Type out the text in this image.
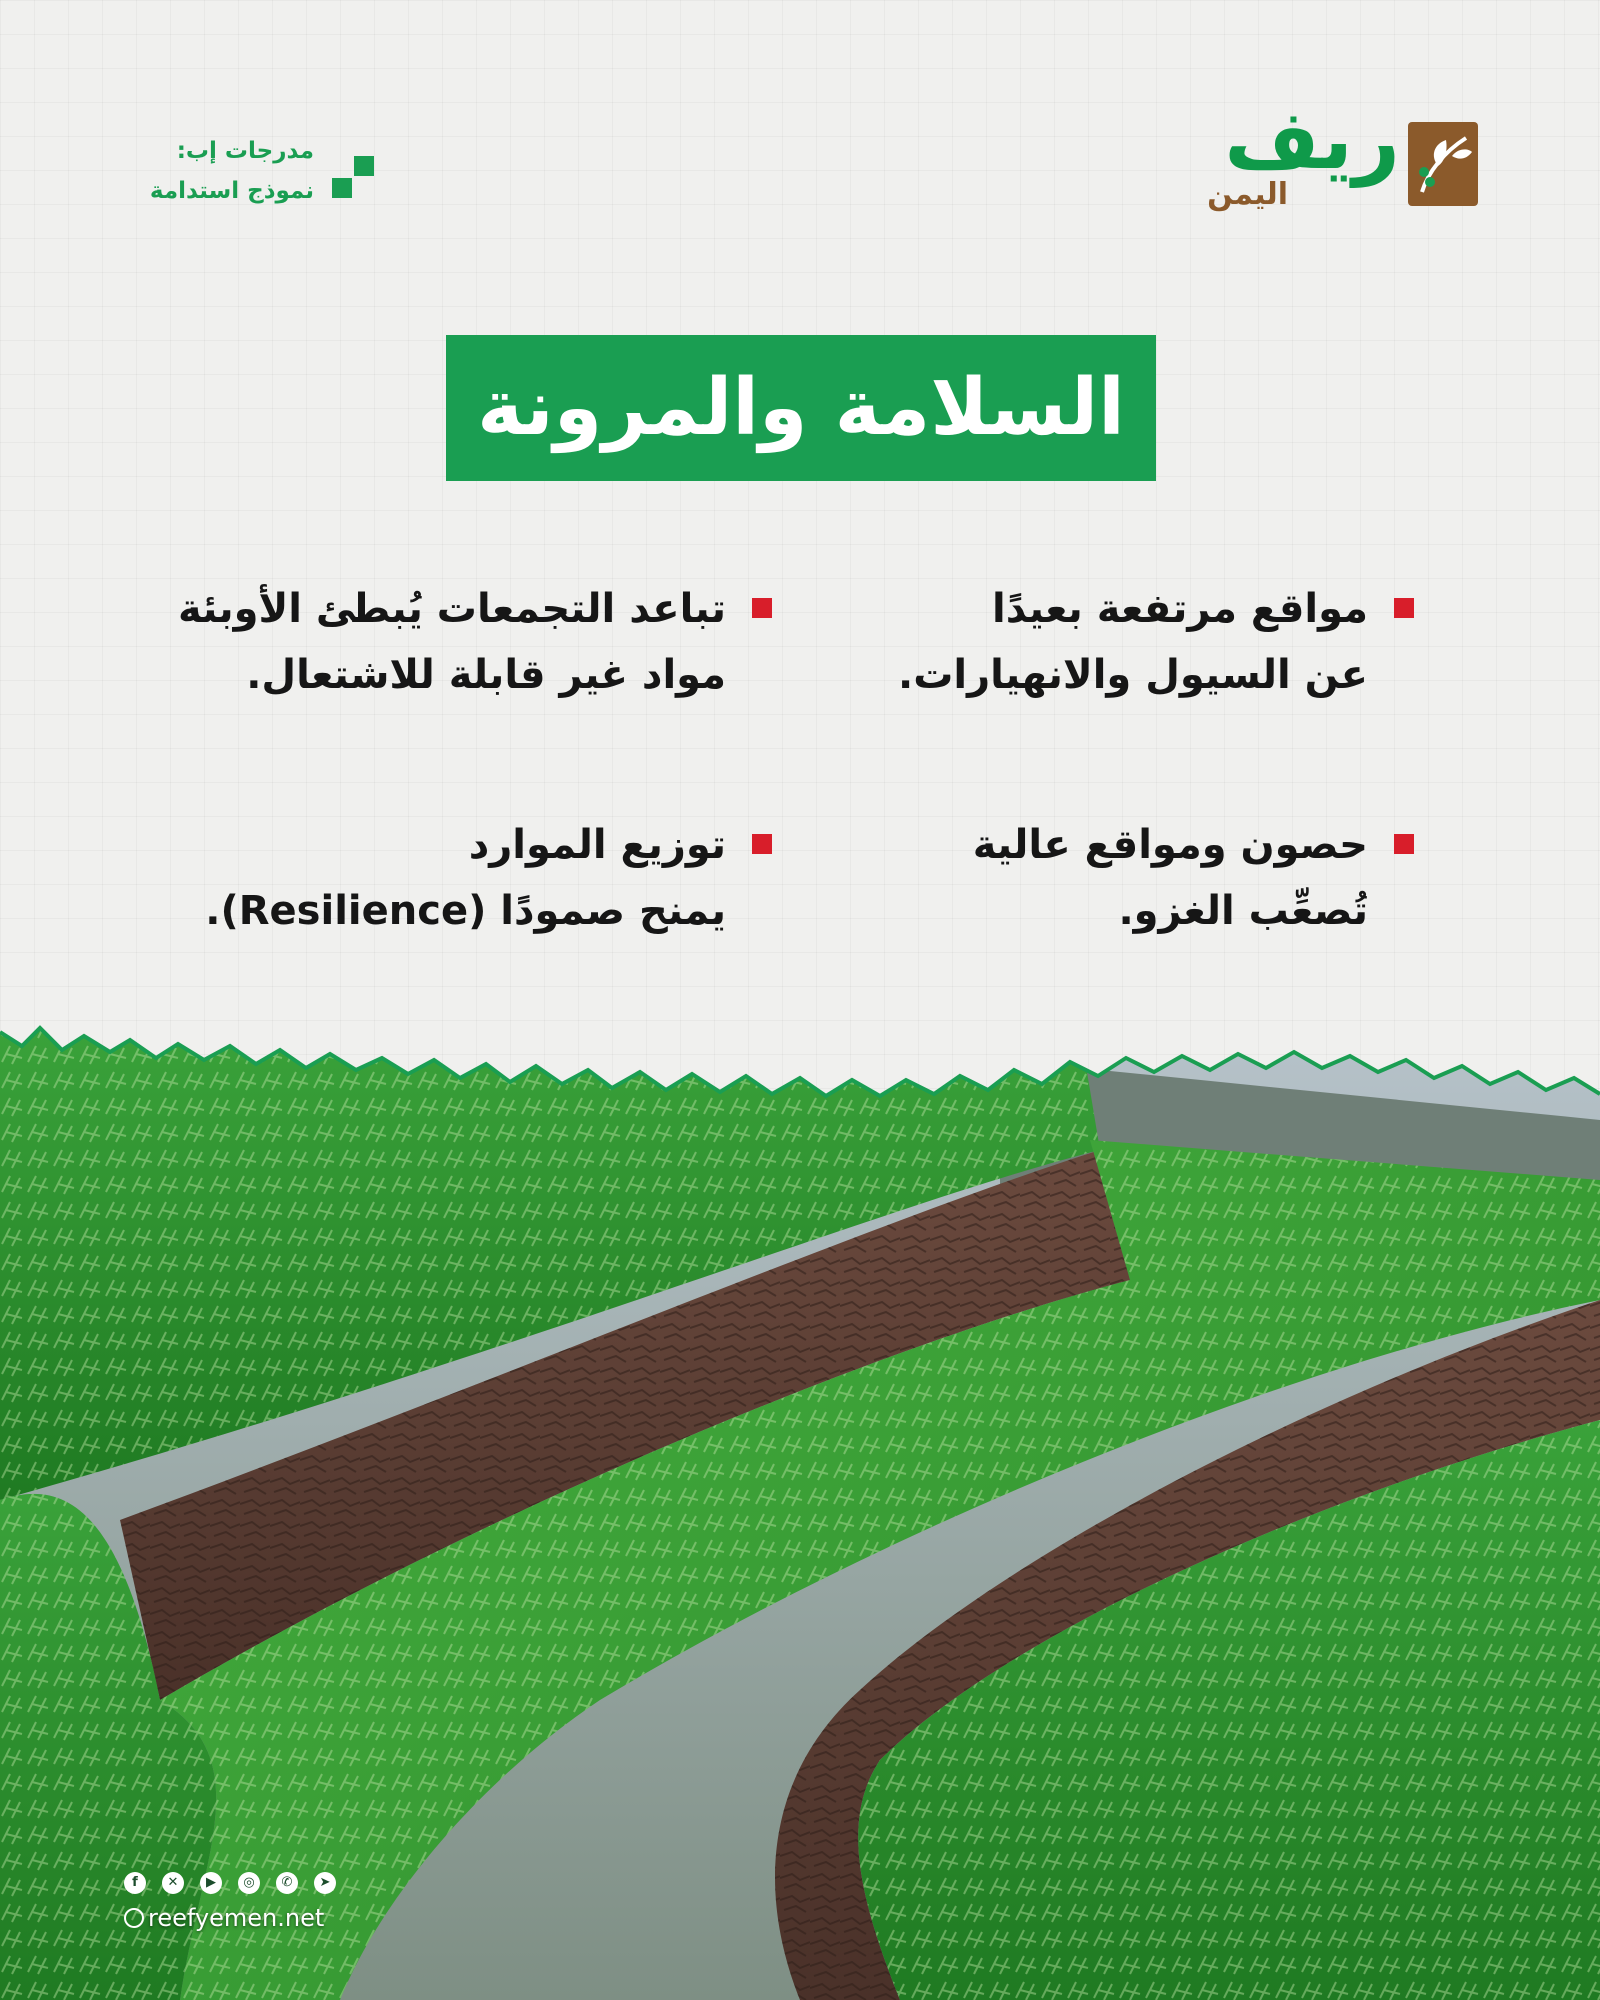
ريف
اليمن
مدرجات إب:
نموذج استدامة
السلامة والمرونة
مواقع مرتفعة بعيدًا
عن السيول والانهيارات.
تباعد التجمعات يُبطئ الأوبئة
مواد غير قابلة للاشتعال.
حصون ومواقع عالية
تُصعِّب الغزو.
توزيع الموارد
يمنح صمودًا (Resilience).
f	✕	▶	◎	✆	➤
reefyemen.net
